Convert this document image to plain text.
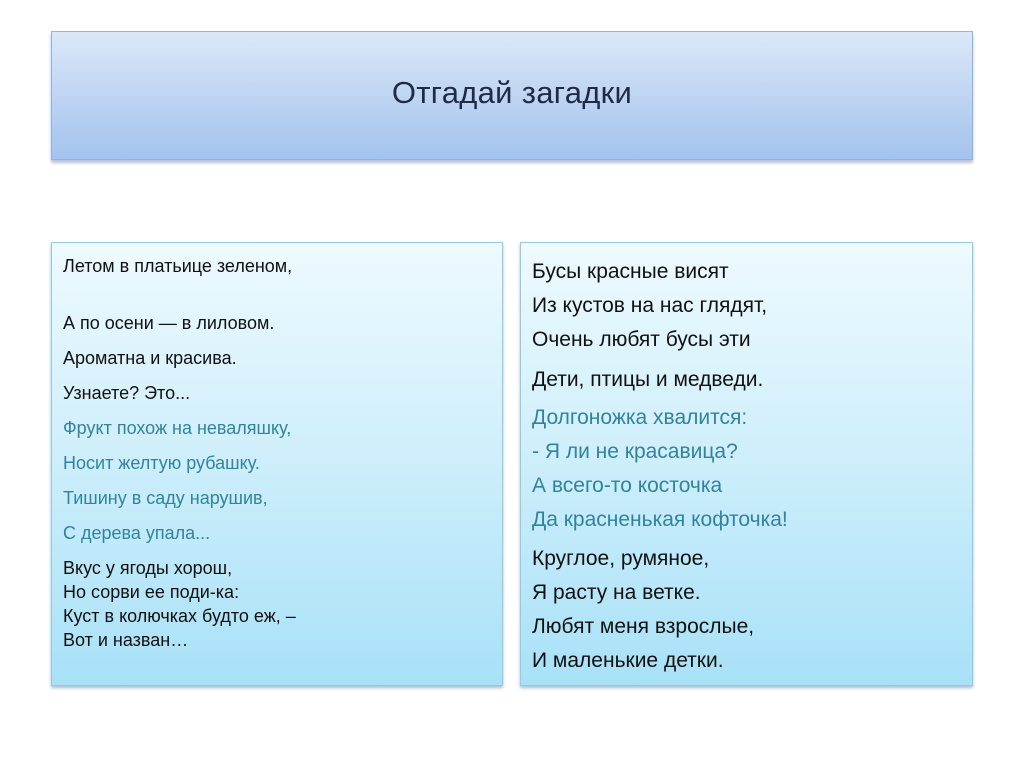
Отгадай загадки
Летом в платьице зеленом,
А по осени — в лиловом.
Ароматна и красива.
Узнаете? Это...
Фрукт похож на неваляшку,
Носит желтую рубашку.
Тишину в саду нарушив,
С дерева упала...
Вкус у ягоды хорош,
Но сорви ее поди-ка:
Куст в колючках будто еж, –
Вот и назван…
Бусы красные висят
Из кустов на нас глядят,
Очень любят бусы эти
Дети, птицы и медведи.
Долгоножка хвалится:
- Я ли не красавица?
А всего-то косточка
Да красненькая кофточка!
Круглое, румяное,
Я расту на ветке.
Любят меня взрослые,
И маленькие детки.
